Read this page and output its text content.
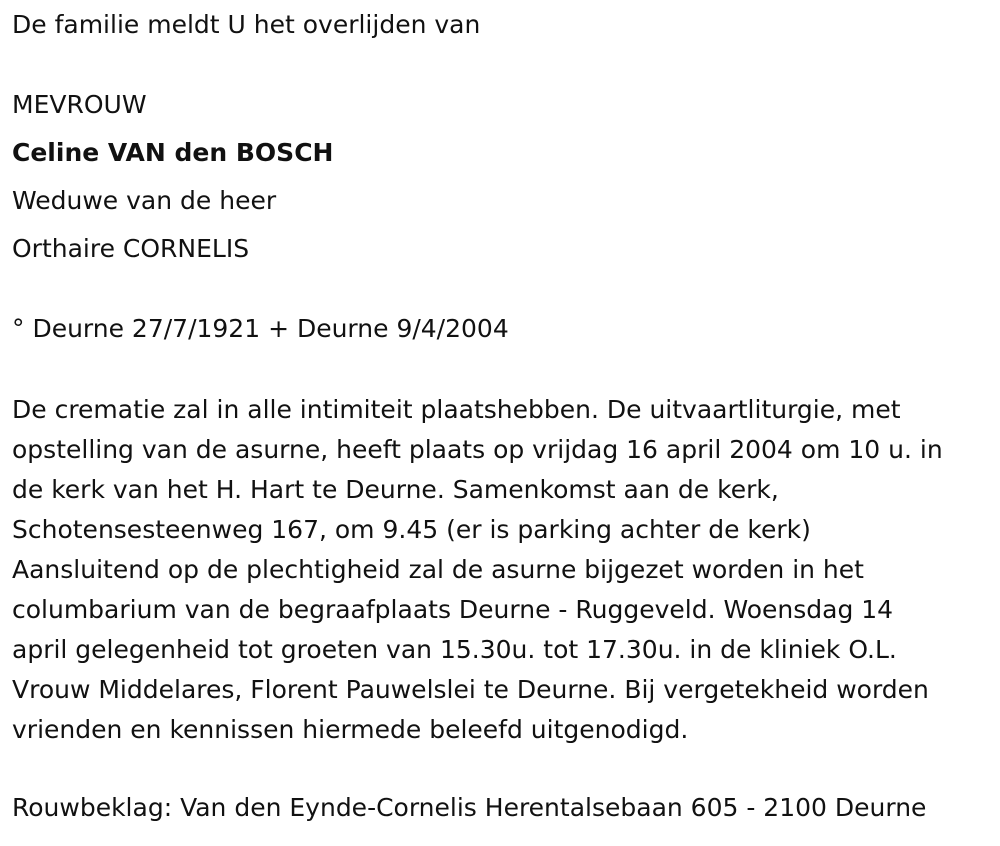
De familie meldt U het overlijden van
MEVROUW
Celine VAN den BOSCH
Weduwe van de heer
Orthaire CORNELIS
° Deurne 27/7/1921 + Deurne 9/4/2004
De crematie zal in alle intimiteit plaatshebben. De uitvaartliturgie, met
opstelling van de asurne, heeft plaats op vrijdag 16 april 2004 om 10 u. in
de kerk van het H. Hart te Deurne. Samenkomst aan de kerk,
Schotensesteenweg 167, om 9.45 (er is parking achter de kerk)
Aansluitend op de plechtigheid zal de asurne bijgezet worden in het
columbarium van de begraafplaats Deurne - Ruggeveld. Woensdag 14
april gelegenheid tot groeten van 15.30u. tot 17.30u. in de kliniek O.L.
Vrouw Middelares, Florent Pauwelslei te Deurne. Bij vergetekheid worden
vrienden en kennissen hiermede beleefd uitgenodigd.
Rouwbeklag: Van den Eynde-Cornelis Herentalsebaan 605 - 2100 Deurne
